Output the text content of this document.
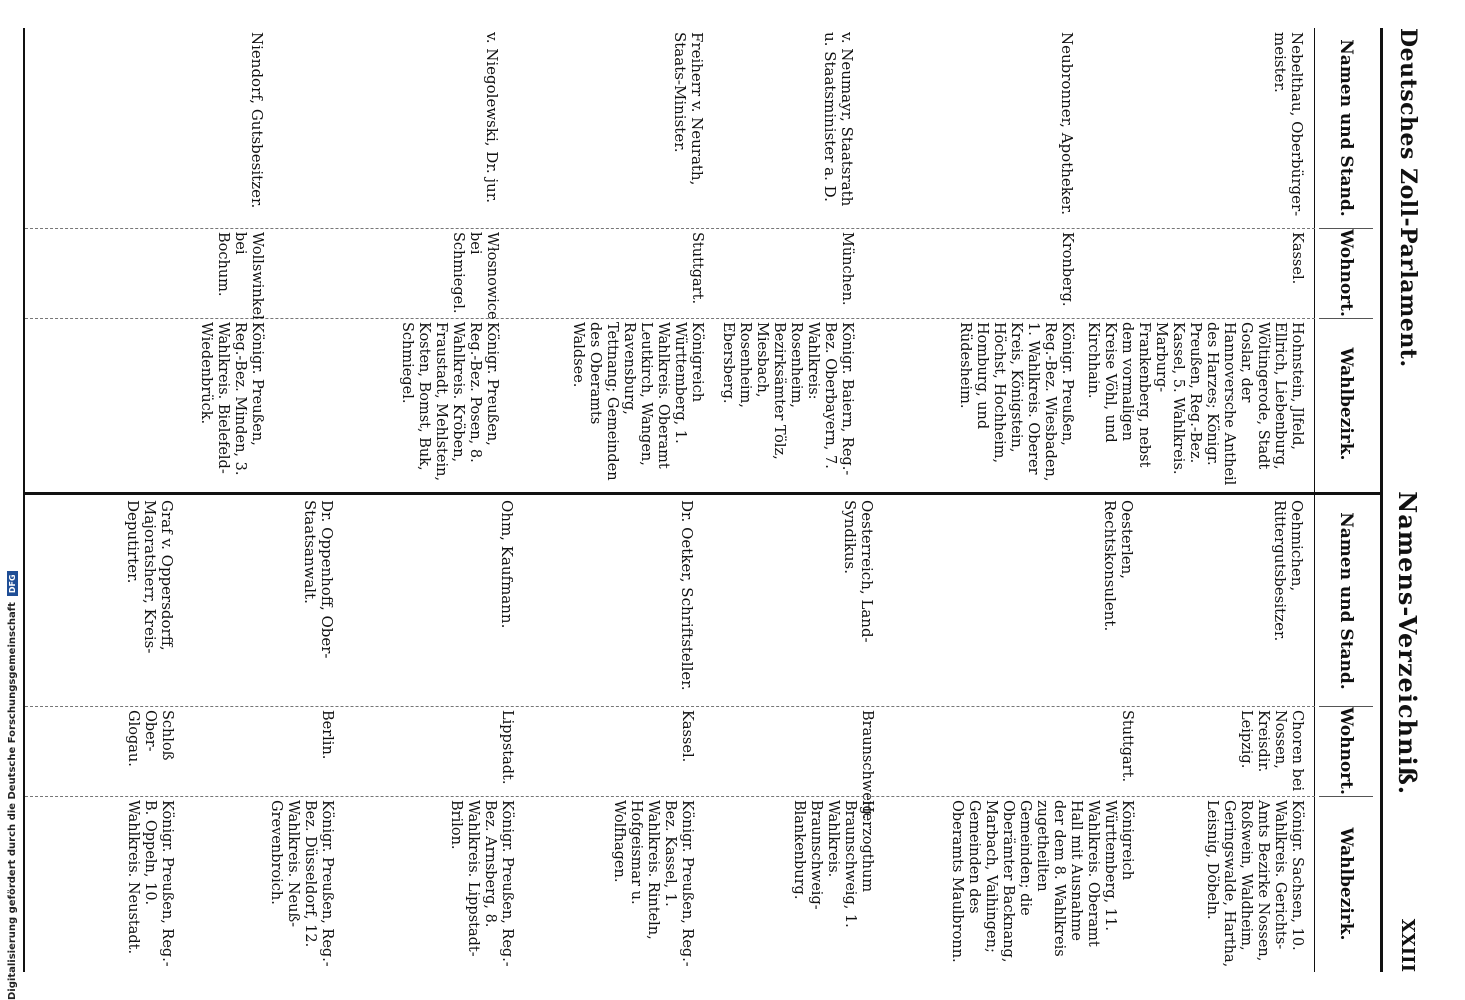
Deutsches Zoll-Parlament.
Namens-Verzeichniß.
XXIII
Namen und Stand.
Wohnort.
Wahlbezirk.
Namen und Stand.
Wohnort.
Wahlbezirk.
Nebelthau, Oberbürger-
meister.
Kassel.
Hohnstein, Jlfeld, Ellrich, Liebenburg, Wöltingerode, Stadt Goslar, der Hannoversche Antheil des Harzes; Königr. Preußen, Reg.-Bez. Kassel, 5. Wahlkreis. Marburg-Frankenberg, nebst dem vormaligen Kreise Vöhl, und Kirchhain.
Neubronner, Apotheker.
Kronberg.
Königr. Preußen, Reg.-Bez. Wiesbaden, 1. Wahlkreis. Oberer Kreis, Königstein, Höchst, Hochheim, Homburg, und Rüdesheim.
v. Neumayr, Staatsrath
u. Staatsminister a. D.
München.
Königr. Baiern, Reg.-Bez. Oberbayern, 7. Wahlkreis: Rosenheim, Bezirksämter Tölz, Miesbach, Rosenheim, Ebersberg.
Freiherr v. Neurath,
Staats-Minister.
Stuttgart.
Königreich Württemberg, 1. Wahlkreis. Oberamt Leutkirch, Wangen, Ravensburg, Tettnang; Gemeinden des Oberamts Waldsee.
v. Niegolewski, Dr. jur.
Włosnowice bei Schmiegel.
Königr. Preußen, Reg.-Bez. Posen, 8. Wahlkreis. Kröben, Fraustadt, Mehlstein, Kosten, Bomst, Buk, Schmiegel.
Niendorf, Gutsbesitzer.
Wollswinkel bei Bochum.
Königr. Preußen, Reg.-Bez. Minden, 3. Wahlkreis. Bielefeld-Wiedenbrück.
Oehmichen, Rittergutsbesitzer.
Choren bei Nossen, Kreisdir. Leipzig.
Königr. Sachsen, 10. Wahlkreis. Gerichts-Amts Bezirke Nossen, Roßwein, Waldheim, Geringswalde, Hartha, Leisnig, Döbeln.
Oesterlen, Rechtskonsulent.
Stuttgart.
Königreich Württemberg, 11. Wahlkreis. Oberamt Hall mit Ausnahme der dem 8. Wahlkreis zugetheilten Gemeinden; die Oberämter Backnang, Marbach, Vaihingen; Gemeinden des Oberamts Maulbronn.
Oesterreich, Land-Syndikus.
Braunschweig.
Herzogthum Braunschweig, 1. Wahlkreis. Braunschweig-Blankenburg.
Dr. Oetker, Schriftsteller.
Kassel.
Königr. Preußen, Reg.-Bez. Kassel, 1. Wahlkreis. Rinteln, Hofgeismar u. Wolfhagen.
Ohm, Kaufmann.
Lippstadt.
Königr. Preußen, Reg.-Bez. Arnsberg, 8. Wahlkreis. Lippstadt-Brilon.
Dr. Oppenhoff, Ober-Staatsanwalt.
Berlin.
Königr. Preußen, Reg.-Bez. Düsseldorf, 12. Wahlkreis. Neuß-Grevenbroich.
Graf v. Oppersdorff, Majoratsherr, Kreis-Deputirter.
Schloß Ober-Glogau.
Königr. Preußen, Reg.-B. Oppeln, 10. Wahlkreis. Neustadt.
Digitalisierung gefördert durch die Deutsche Forschungsgemeinschaft
DFG
